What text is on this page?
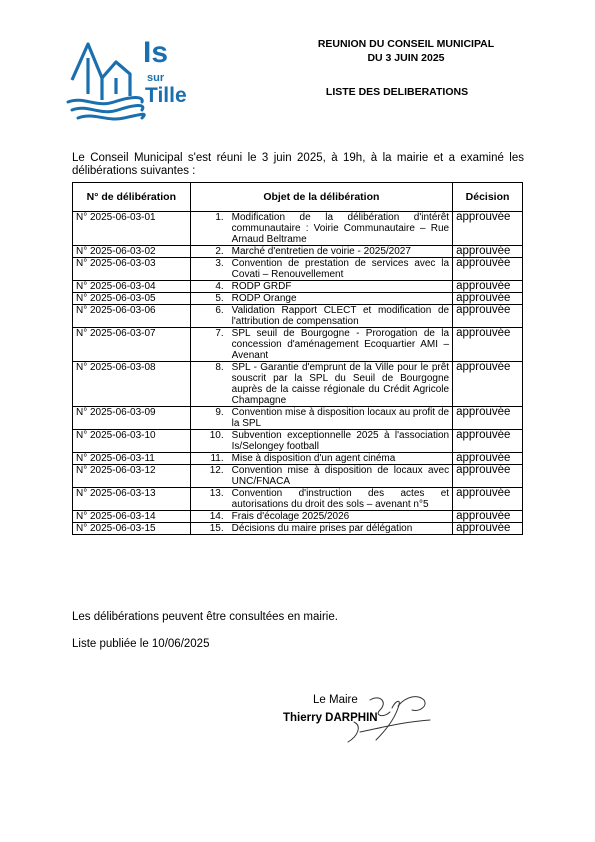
Is
sur
Tille
REUNION DU CONSEIL MUNICIPAL
DU 3 JUIN 2025
LISTE DES DELIBERATIONS
Le Conseil Municipal s'est réuni le 3 juin 2025, à 19h, à la mairie et a examiné les délibérations suivantes :
N° de délibération	Objet de la délibération	Décision
N° 2025-06-03-01	1. Modification de la délibération d'intérêt communautaire : Voirie Communautaire – Rue Arnaud Beltrame	approuvée
N° 2025-06-03-02	2. Marché d'entretien de voirie - 2025/2027	approuvée
N° 2025-06-03-03	3. Convention de prestation de services avec la Covati – Renouvellement	approuvée
N° 2025-06-03-04	4. RODP GRDF	approuvée
N° 2025-06-03-05	5. RODP Orange	approuvée
N° 2025-06-03-06	6. Validation Rapport CLECT et modification de l'attribution de compensation	approuvée
N° 2025-06-03-07	7. SPL seuil de Bourgogne - Prorogation de la concession d'aménagement Ecoquartier AMI – Avenant	approuvée
N° 2025-06-03-08	8. SPL - Garantie d'emprunt de la Ville pour le prêt souscrit par la SPL du Seuil de Bourgogne auprès de la caisse régionale du Crédit Agricole Champagne	approuvée
N° 2025-06-03-09	9. Convention mise à disposition locaux au profit de la SPL	approuvée
N° 2025-06-03-10	10. Subvention exceptionnelle 2025 à l'association Is/Selongey football	approuvée
N° 2025-06-03-11	11. Mise à disposition d'un agent cinéma	approuvée
N° 2025-06-03-12	12. Convention mise à disposition de locaux avec UNC/FNACA	approuvée
N° 2025-06-03-13	13. Convention d'instruction des actes et autorisations du droit des sols – avenant n°5	approuvée
N° 2025-06-03-14	14. Frais d'écolage 2025/2026	approuvée
N° 2025-06-03-15	15. Décisions du maire prises par délégation	approuvée
Les délibérations peuvent être consultées en mairie.
Liste publiée le 10/06/2025
Le Maire
Thierry DARPHIN
